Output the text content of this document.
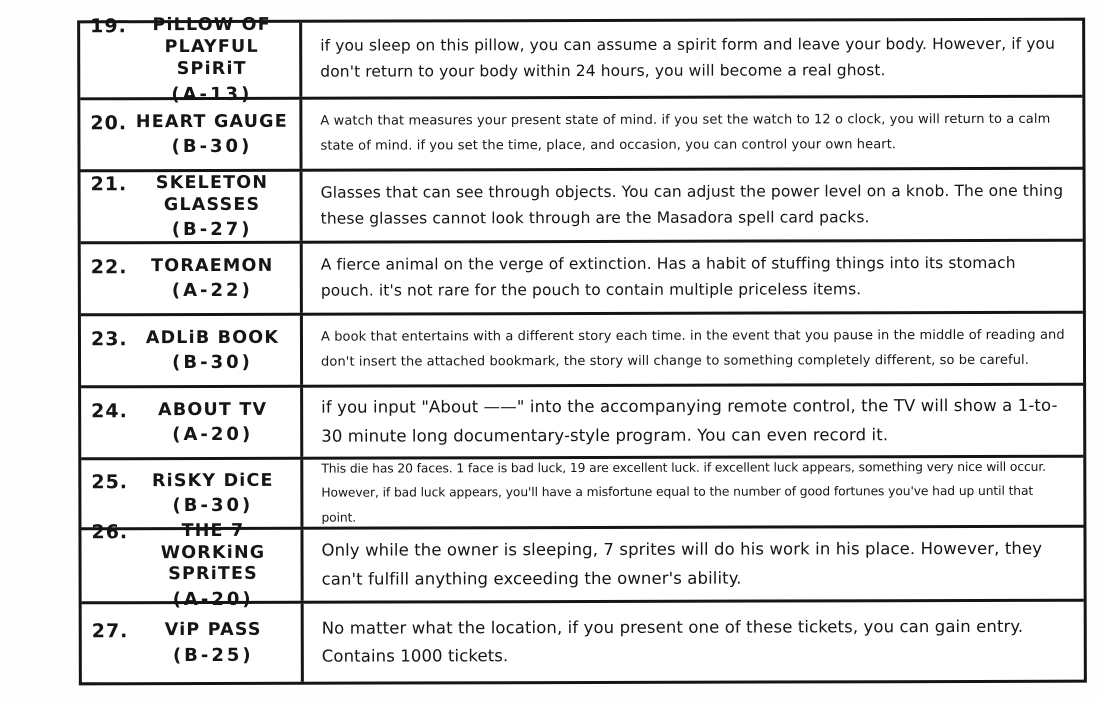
19.	PiLLOW OF PLAYFUL SPiRiT
(A-13)
if you sleep on this pillow, you can assume a spirit form and leave your body. However, if you don't return to your body within 24 hours, you will become a real ghost.
20. HEART GAUGE
(B-30)
A watch that measures your present state of mind. if you set the watch to 12 o clock, you will return to a calm state of mind. if you set the time, place, and occasion, you can control your own heart.
21.	SKELETON GLASSES
(B-27)
Glasses that can see through objects. You can adjust the power level on a knob. The one thing these glasses cannot look through are the Masadora spell card packs.
22.	TORAEMON
(A-22)
A fierce animal on the verge of extinction. Has a habit of stuffing things into its stomach pouch. it's not rare for the pouch to contain multiple priceless items.
23.	ADLiB BOOK
(B-30)
A book that entertains with a different story each time. in the event that you pause in the middle of reading and don't insert the attached bookmark, the story will change to something completely different, so be careful.
24.	ABOUT TV
(A-20)
if you input "About ——" into the accompanying remote control, the TV will show a 1-to-30 minute long documentary-style program. You can even record it.
25.	RiSKY DiCE
(B-30)
This die has 20 faces. 1 face is bad luck, 19 are excellent luck. if excellent luck appears, something very nice will occur. However, if bad luck appears, you'll have a misfortune equal to the number of good fortunes you've had up until that point.
26.	THE 7 WORKiNG SPRiTES
(A-20)
Only while the owner is sleeping, 7 sprites will do his work in his place. However, they can't fulfill anything exceeding the owner's ability.
27.	ViP PASS
(B-25)
No matter what the location, if you present one of these tickets, you can gain entry. Contains 1000 tickets.
